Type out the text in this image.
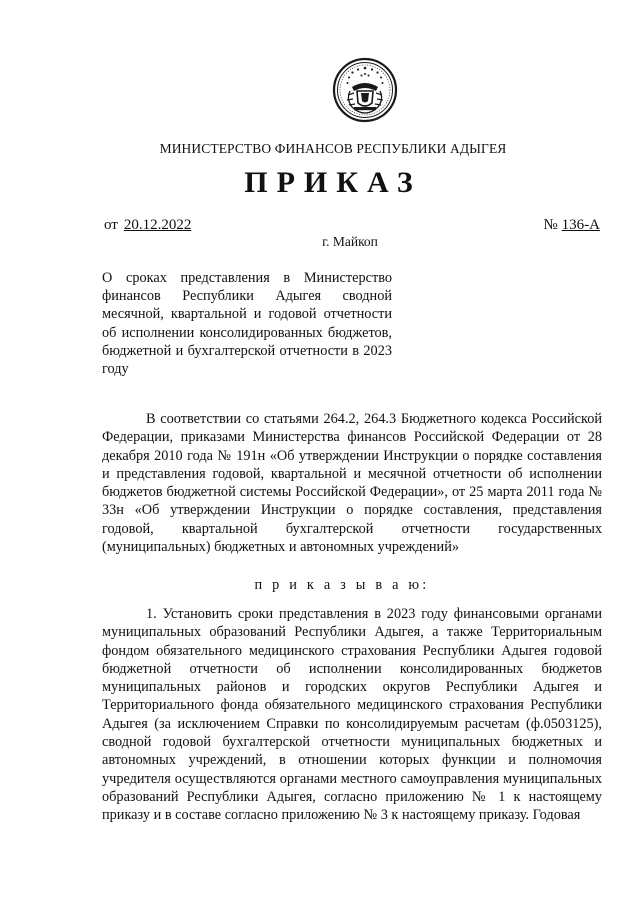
МИНИСТЕРСТВО ФИНАНСОВ РЕСПУБЛИКИ АДЫГЕЯ
ПРИКАЗ
от 20.12.2022	№ 136-А
г. Майкоп
О сроках представления в Министерство финансов Республики Адыгея сводной месячной, квартальной и годовой отчетности об исполнении консолидированных бюджетов, бюджетной и бухгалтерской отчетности в 2023 году
В соответствии со статьями 264.2, 264.3 Бюджетного кодекса Российской Федерации, приказами Министерства финансов Российской Федерации от 28 декабря 2010 года № 191н «Об утверждении Инструкции о порядке составления и представления годовой, квартальной и месячной отчетности об исполнении бюджетов бюджетной системы Российской Федерации», от 25 марта 2011 года № 33н «Об утверждении Инструкции о порядке составления, представления годовой, квартальной бухгалтерской отчетности государственных (муниципальных) бюджетных и автономных учреждений»
п р и к а з ы в а ю:
1. Установить сроки представления в 2023 году финансовыми органами муниципальных образований Республики Адыгея, а также Территориальным фондом обязательного медицинского страхования Республики Адыгея годовой бюджетной отчетности об исполнении консолидированных бюджетов муниципальных районов и городских округов Республики Адыгея и Территориального фонда обязательного медицинского страхования Республики Адыгея (за исключением Справки по консолидируемым расчетам (ф.0503125), сводной годовой бухгалтерской отчетности муниципальных бюджетных и автономных учреждений, в отношении которых функции и полномочия учредителя осуществляются органами местного самоуправления муниципальных образований Республики Адыгея, согласно приложению № 1 к настоящему приказу и в составе согласно приложению № 3 к настоящему приказу. Годовая
